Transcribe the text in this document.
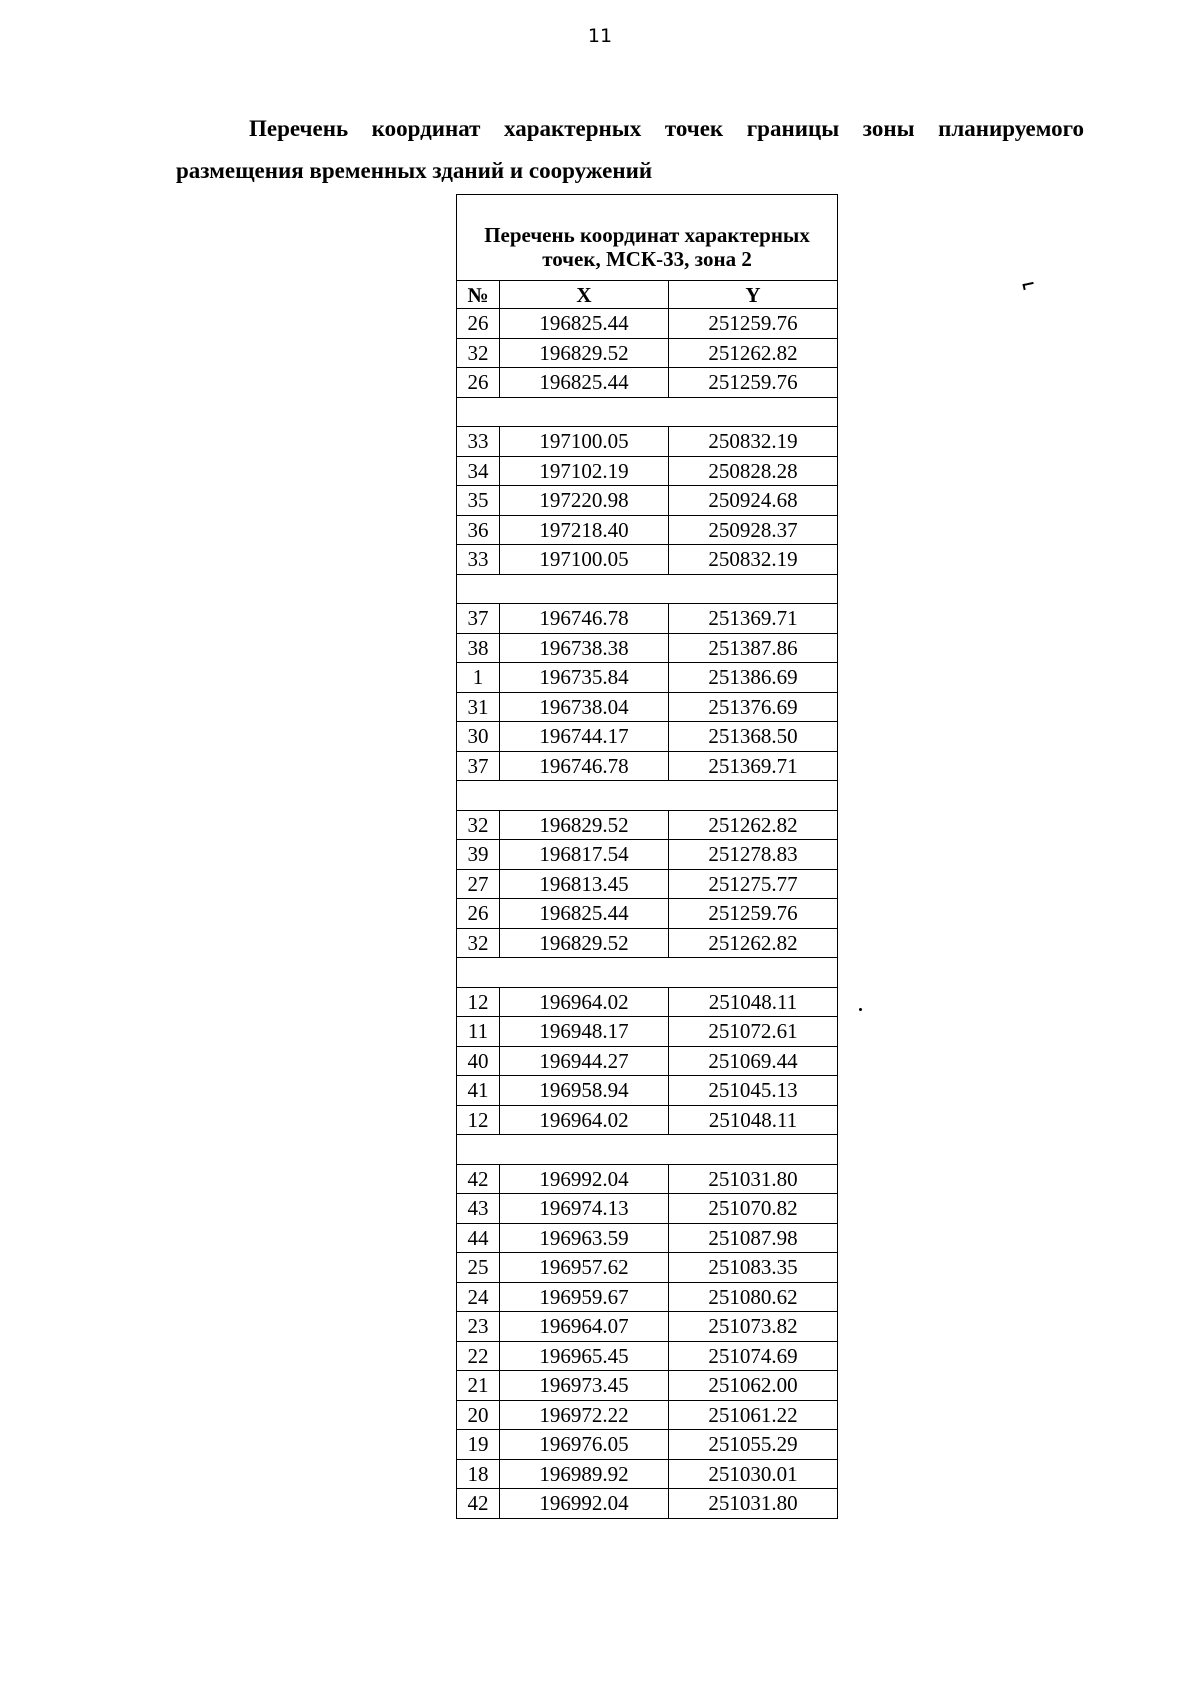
11
Перечень координат характерных точек границы зоны планируемого
размещения временных зданий и сооружений
Перечень координат характерных точек, МСК-33, зона 2		
№	X	Y
26	196825.44	251259.76
32	196829.52	251262.82
26	196825.44	251259.76

33	197100.05	250832.19
34	197102.19	250828.28
35	197220.98	250924.68
36	197218.40	250928.37
33	197100.05	250832.19

37	196746.78	251369.71
38	196738.38	251387.86
1	196735.84	251386.69
31	196738.04	251376.69
30	196744.17	251368.50
37	196746.78	251369.71

32	196829.52	251262.82
39	196817.54	251278.83
27	196813.45	251275.77
26	196825.44	251259.76
32	196829.52	251262.82

12	196964.02	251048.11
11	196948.17	251072.61
40	196944.27	251069.44
41	196958.94	251045.13
12	196964.02	251048.11

42	196992.04	251031.80
43	196974.13	251070.82
44	196963.59	251087.98
25	196957.62	251083.35
24	196959.67	251080.62
23	196964.07	251073.82
22	196965.45	251074.69
21	196973.45	251062.00
20	196972.22	251061.22
19	196976.05	251055.29
18	196989.92	251030.01
42	196992.04	251031.80
